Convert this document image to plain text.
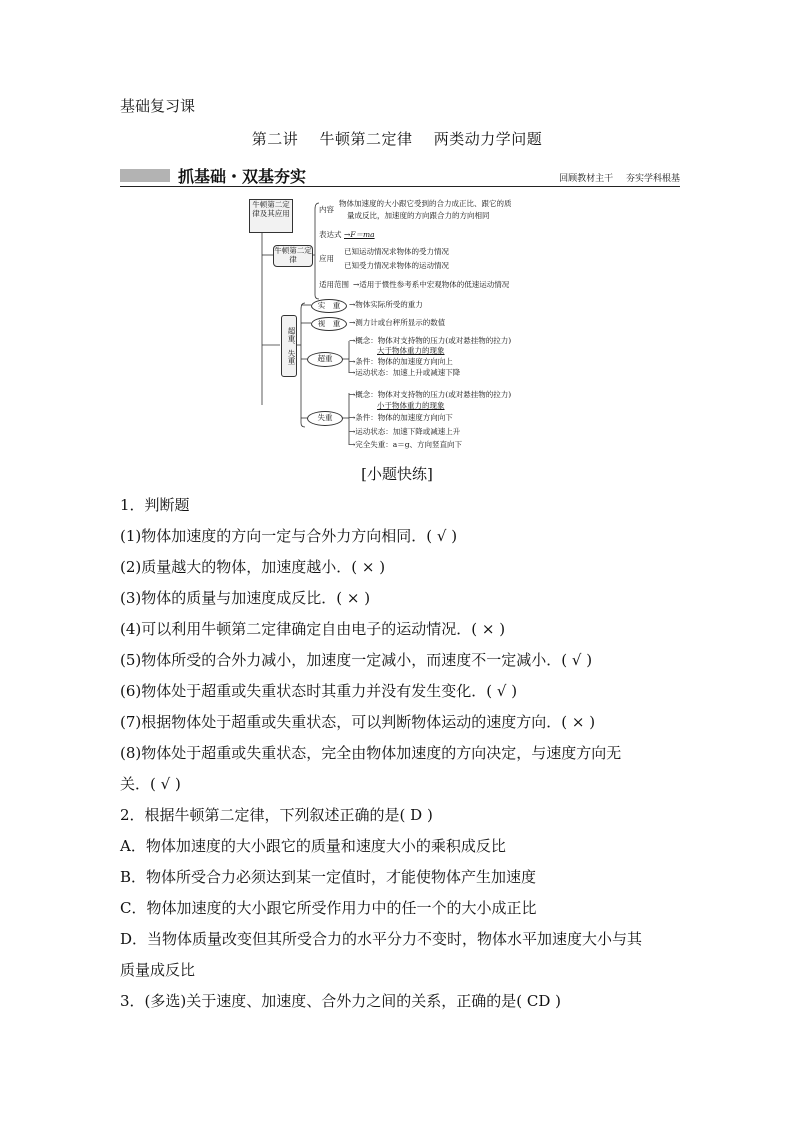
基础复习课
第二讲 牛顿第二定律 两类动力学问题
抓基础・双基夯实	回顾教材主干 夯实学科根基
牛顿第二定律及其应用
牛顿第二定律
内容
物体加速度的大小跟它受到的合力成正比、跟它的质
量成反比，加速度的方向跟合力的方向相同
表达式 →F＝ma
应用
已知运动情况求物体的受力情况
已知受力情况求物体的运动情况
适用范围 →适用于惯性参考系中宏观物体的低速运动情况
超重、失重
实　重	→物体实际所受的重力
视　重	→测力计或台秤所显示的数值
超重
→概念：物体对支持物的压力(或对悬挂物的拉力)
大于物体重力的现象
→条件：物体的加速度方向向上
→运动状态：加速上升或减速下降
失重
→概念：物体对支持物的压力(或对悬挂物的拉力)
小于物体重力的现象
→条件：物体的加速度方向向下
→运动状态：加速下降或减速上升
→完全失重：a＝g、方向竖直向下
[小题快练]
1．判断题
(1)物体加速度的方向一定与合外力方向相同．( √ )
(2)质量越大的物体，加速度越小．( × )
(3)物体的质量与加速度成反比．( × )
(4)可以利用牛顿第二定律确定自由电子的运动情况．( × )
(5)物体所受的合外力减小，加速度一定减小，而速度不一定减小．( √ )
(6)物体处于超重或失重状态时其重力并没有发生变化．( √ )
(7)根据物体处于超重或失重状态，可以判断物体运动的速度方向．( × )
(8)物体处于超重或失重状态，完全由物体加速度的方向决定，与速度方向无
关．( √ )
2．根据牛顿第二定律，下列叙述正确的是( D )
A．物体加速度的大小跟它的质量和速度大小的乘积成反比
B．物体所受合力必须达到某一定值时，才能使物体产生加速度
C．物体加速度的大小跟它所受作用力中的任一个的大小成正比
D．当物体质量改变但其所受合力的水平分力不变时，物体水平加速度大小与其
质量成反比
3．(多选)关于速度、加速度、合外力之间的关系，正确的是( CD )
